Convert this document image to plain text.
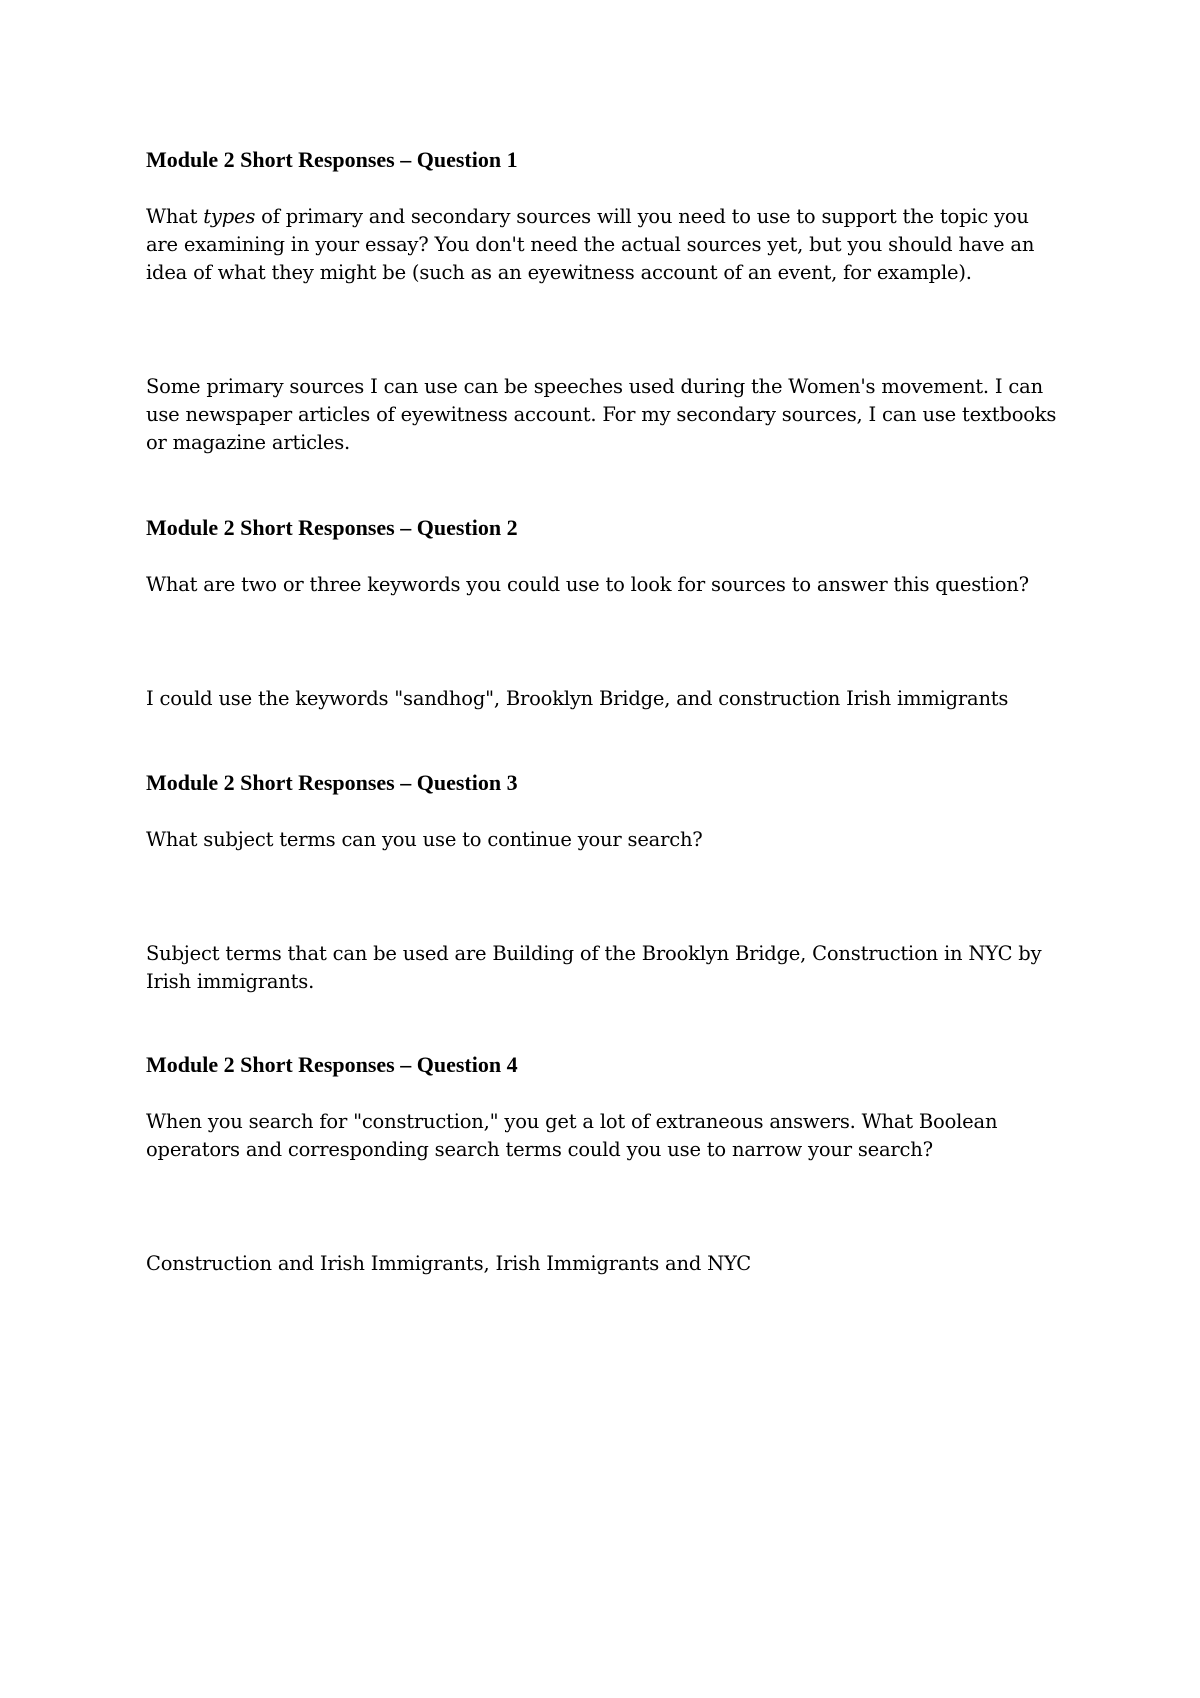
Module 2 Short Responses – Question 1

What types of primary and secondary sources will you need to use to support the topic you are examining in your essay? You don't need the actual sources yet, but you should have an idea of what they might be (such as an eyewitness account of an event, for example).

Some primary sources I can use can be speeches used during the Women's movement. I can use newspaper articles of eyewitness account. For my secondary sources, I can use textbooks or magazine articles.

Module 2 Short Responses – Question 2

What are two or three keywords you could use to look for sources to answer this question?

I could use the keywords "sandhog", Brooklyn Bridge, and construction Irish immigrants

Module 2 Short Responses – Question 3

What subject terms can you use to continue your search?

Subject terms that can be used are Building of the Brooklyn Bridge, Construction in NYC by Irish immigrants.

Module 2 Short Responses – Question 4

When you search for "construction," you get a lot of extraneous answers. What Boolean operators and corresponding search terms could you use to narrow your search?

Construction and Irish Immigrants, Irish Immigrants and NYC
